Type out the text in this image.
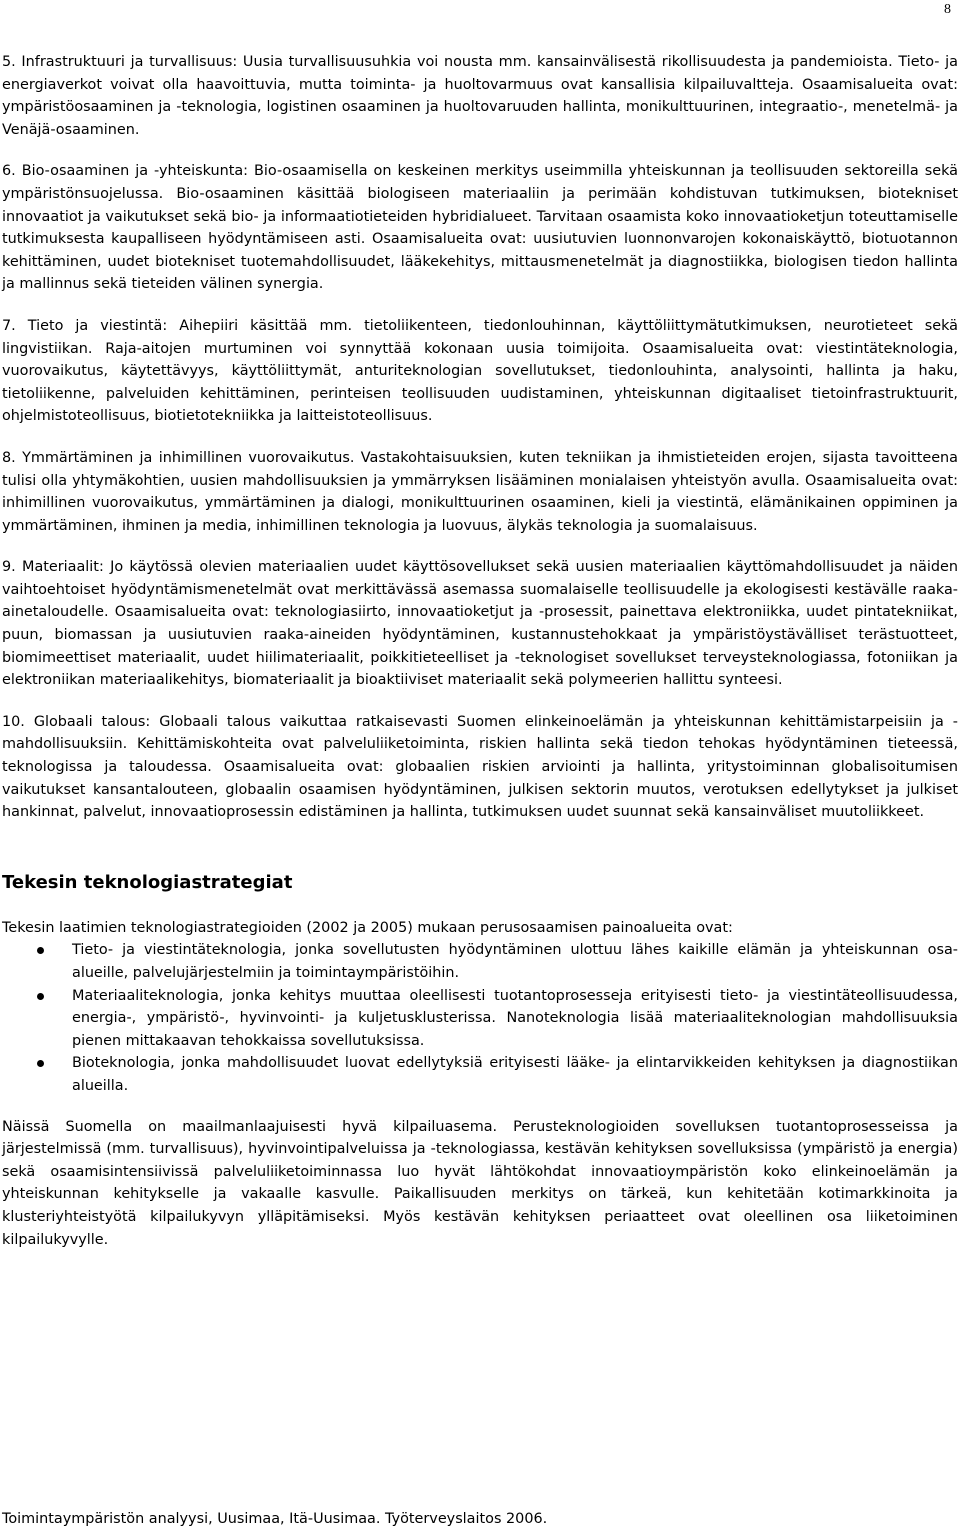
8

5. Infrastruktuuri ja turvallisuus: Uusia turvallisuusuhkia voi nousta mm. kansainvälisestä rikollisuudesta ja pandemioista. Tieto- ja energiaverkot voivat olla haavoittuvia, mutta toiminta- ja huoltovarmuus ovat kansallisia kilpailuvaltteja. Osaamisalueita ovat: ympäristöosaaminen ja -teknologia, logistinen osaaminen ja huoltovaruuden hallinta, monikulttuurinen, integraatio-, menetelmä- ja Venäjä-osaaminen.

6. Bio-osaaminen ja -yhteiskunta: Bio-osaamisella on keskeinen merkitys useimmilla yhteiskunnan ja teollisuuden sektoreilla sekä ympäristönsuojelussa. Bio-osaaminen käsittää biologiseen materiaaliin ja perimään kohdistuvan tutkimuksen, biotekniset innovaatiot ja vaikutukset sekä bio- ja informaatiotieteiden hybridialueet. Tarvitaan osaamista koko innovaatioketjun toteuttamiselle tutkimuksesta kaupalliseen hyödyntämiseen asti. Osaamisalueita ovat: uusiutuvien luonnonvarojen kokonaiskäyttö, biotuotannon kehittäminen, uudet biotekniset tuotemahdollisuudet, lääkekehitys, mittausmenetelmät ja diagnostiikka, biologisen tiedon hallinta ja mallinnus sekä tieteiden välinen synergia.

7. Tieto ja viestintä: Aihepiiri käsittää mm. tietoliikenteen, tiedonlouhinnan, käyttöliittymätutkimuksen, neurotieteet sekä lingvistiikan. Raja-aitojen murtuminen voi synnyttää kokonaan uusia toimijoita. Osaamisalueita ovat: viestintäteknologia, vuorovaikutus, käytettävyys, käyttöliittymät, anturiteknologian sovellutukset, tiedonlouhinta, analysointi, hallinta ja haku, tietoliikenne, palveluiden kehittäminen, perinteisen teollisuuden uudistaminen, yhteiskunnan digitaaliset tietoinfrastruktuurit, ohjelmistoteollisuus, biotietotekniikka ja laitteistoteollisuus.

8. Ymmärtäminen ja inhimillinen vuorovaikutus. Vastakohtaisuuksien, kuten tekniikan ja ihmistieteiden erojen, sijasta tavoitteena tulisi olla yhtymäkohtien, uusien mahdollisuuksien ja ymmärryksen lisääminen monialaisen yhteistyön avulla. Osaamisalueita ovat: inhimillinen vuorovaikutus, ymmärtäminen ja dialogi, monikulttuurinen osaaminen, kieli ja viestintä, elämänikainen oppiminen ja ymmärtäminen, ihminen ja media, inhimillinen teknologia ja luovuus, älykäs teknologia ja suomalaisuus.

9. Materiaalit: Jo käytössä olevien materiaalien uudet käyttösovellukset sekä uusien materiaalien käyttömahdollisuudet ja näiden vaihtoehtoiset hyödyntämismenetelmät ovat merkittävässä asemassa suomalaiselle teollisuudelle ja ekologisesti kestävälle raaka-ainetaloudelle. Osaamisalueita ovat: teknologiasiirto, innovaatioketjut ja -prosessit, painettava elektroniikka, uudet pintatekniikat, puun, biomassan ja uusiutuvien raaka-aineiden hyödyntäminen, kustannustehokkaat ja ympäristöystävälliset terästuotteet, biomimeettiset materiaalit, uudet hiilimateriaalit, poikkitieteelliset ja -teknologiset sovellukset terveysteknologiassa, fotoniikan ja elektroniikan materiaalikehitys, biomateriaalit ja bioaktiiviset materiaalit sekä polymeerien hallittu synteesi.

10. Globaali talous: Globaali talous vaikuttaa ratkaisevasti Suomen elinkeinoelämän ja yhteiskunnan kehittämistarpeisiin ja -mahdollisuuksiin. Kehittämiskohteita ovat palveluliiketoiminta, riskien hallinta sekä tiedon tehokas hyödyntäminen tieteessä, teknologissa ja taloudessa. Osaamisalueita ovat: globaalien riskien arviointi ja hallinta, yritystoiminnan globalisoitumisen vaikutukset kansantalouteen, globaalin osaamisen hyödyntäminen, julkisen sektorin muutos, verotuksen edellytykset ja julkiset hankinnat, palvelut, innovaatioprosessin edistäminen ja hallinta, tutkimuksen uudet suunnat sekä kansainväliset muutoliikkeet.

Tekesin teknologiastrategiat

Tekesin laatimien teknologiastrategioiden (2002 ja 2005) mukaan perusosaamisen painoalueita ovat:

Tieto- ja viestintäteknologia, jonka sovellutusten hyödyntäminen ulottuu lähes kaikille elämän ja yhteiskunnan osa-alueille, palvelujärjestelmiin ja toimintaympäristöihin.
Materiaaliteknologia, jonka kehitys muuttaa oleellisesti tuotantoprosesseja erityisesti tieto- ja viestintäteollisuudessa, energia-, ympäristö-, hyvinvointi- ja kuljetusklusterissa. Nanoteknologia lisää materiaaliteknologian mahdollisuuksia pienen mittakaavan tehokkaissa sovellutuksissa.
Bioteknologia, jonka mahdollisuudet luovat edellytyksiä erityisesti lääke- ja elintarvikkeiden kehityksen ja diagnostiikan alueilla.

Näissä Suomella on maailmanlaajuisesti hyvä kilpailuasema. Perusteknologioiden sovelluksen tuotantoprosesseissa ja järjestelmissä (mm. turvallisuus), hyvinvointipalveluissa ja -teknologiassa, kestävän kehityksen sovelluksissa (ympäristö ja energia) sekä osaamisintensiivissä palveluliiketoiminnassa luo hyvät lähtökohdat innovaatioympäristön koko elinkeinoelämän ja yhteiskunnan kehitykselle ja vakaalle kasvulle. Paikallisuuden merkitys on tärkeä, kun kehitetään kotimarkkinoita ja klusteriyhteistyötä kilpailukyvyn ylläpitämiseksi. Myös kestävän kehityksen periaatteet ovat oleellinen osa liiketoiminen kilpailukyvylle.

Toimintaympäristön analyysi, Uusimaa, Itä-Uusimaa. Työterveyslaitos 2006.
